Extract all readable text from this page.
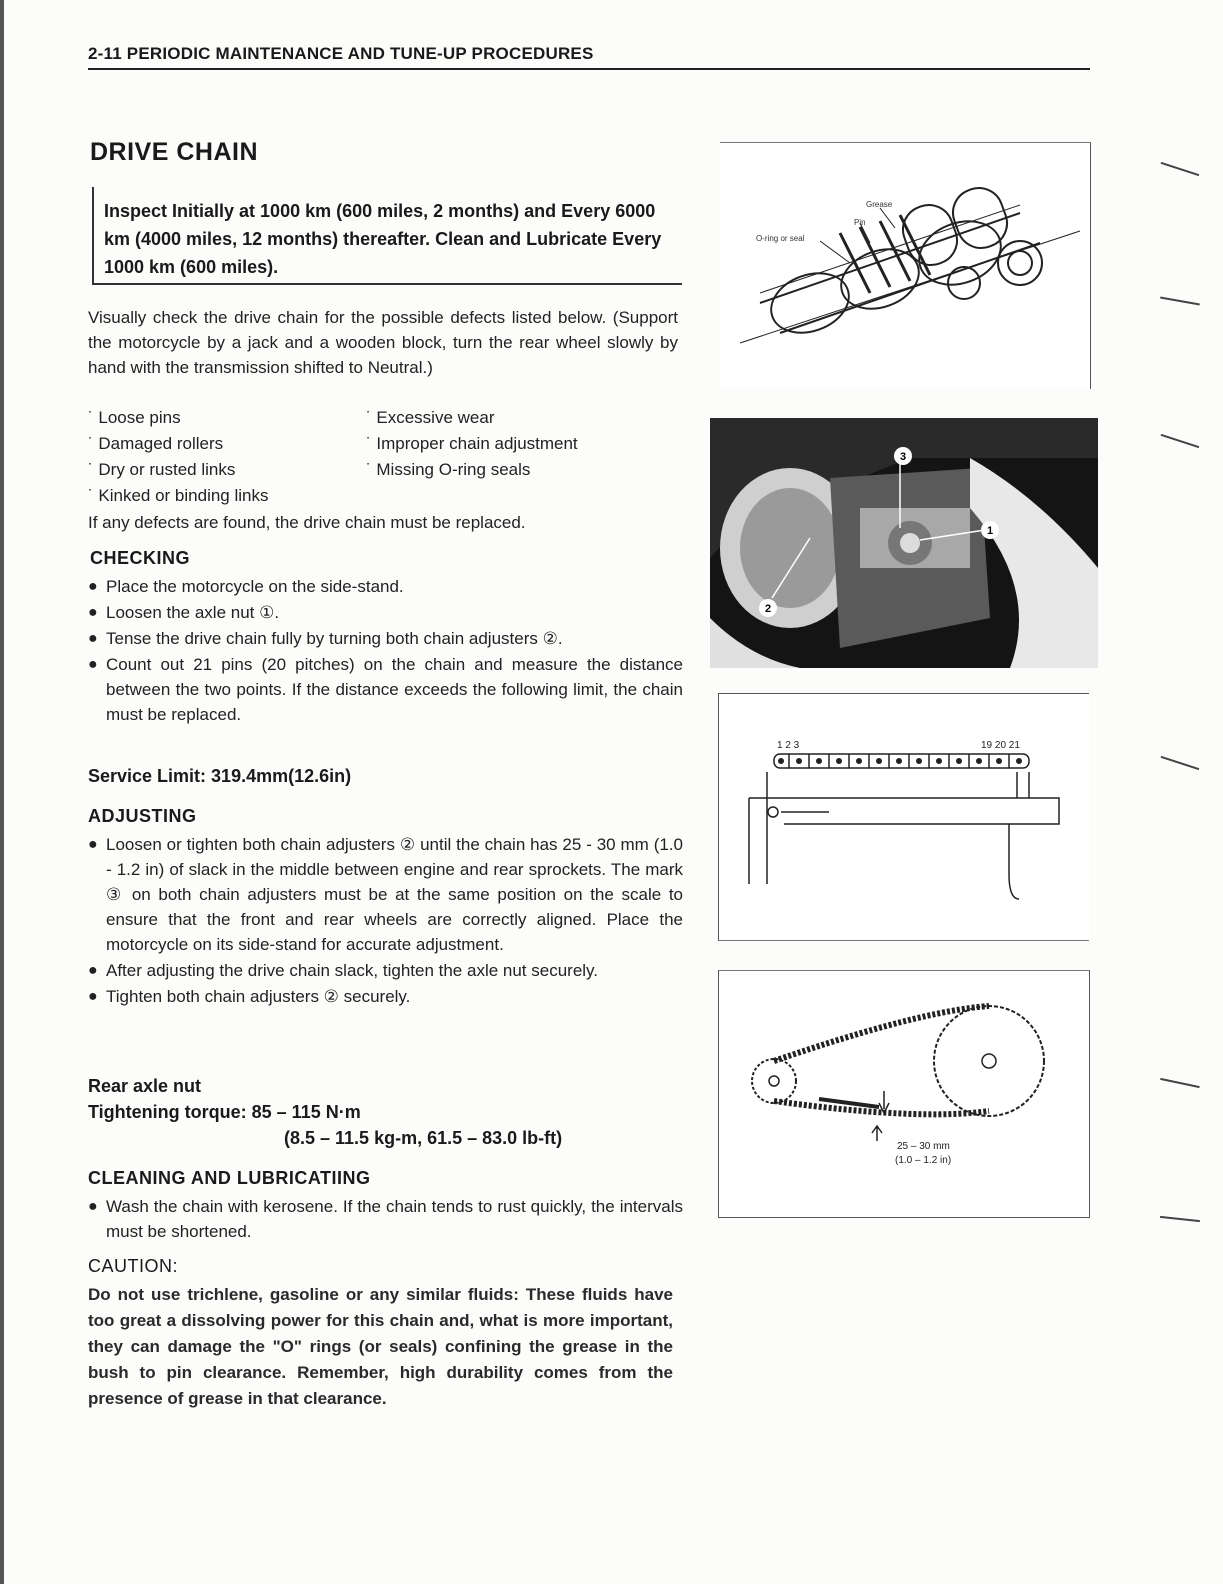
2-11 PERIODIC MAINTENANCE AND TUNE-UP PROCEDURES
DRIVE CHAIN
Inspect Initially at 1000 km (600 miles, 2 months) and Every 6000 km (4000 miles, 12 months) thereafter. Clean and Lubricate Every 1000 km (600 miles).
Visually check the drive chain for the possible defects listed below. (Support the motorcycle by a jack and a wooden block, turn the rear wheel slowly by hand with the transmission shifted to Neutral.)
˙ Loose pins	˙ Excessive wear
˙ Damaged rollers	˙ Improper chain adjustment
˙ Dry or rusted links	˙ Missing O-ring seals
˙ Kinked or binding links
If any defects are found, the drive chain must be replaced.
CHECKING
● Place the motorcycle on the side-stand.
● Loosen the axle nut ①.
● Tense the drive chain fully by turning both chain adjusters ②.
● Count out 21 pins (20 pitches) on the chain and measure the distance between the two points. If the distance exceeds the following limit, the chain must be replaced.
Service Limit: 319.4mm(12.6in)
ADJUSTING
● Loosen or tighten both chain adjusters ② until the chain has 25 - 30 mm (1.0 - 1.2 in) of slack in the middle between engine and rear sprockets. The mark ③ on both chain adjusters must be at the same position on the scale to ensure that the front and rear wheels are correctly aligned. Place the motorcycle on its side-stand for accurate adjustment.
● After adjusting the drive chain slack, tighten the axle nut securely.
● Tighten both chain adjusters ② securely.
Rear axle nut
Tightening torque: 85 – 115 N·m
(8.5 – 11.5 kg-m, 61.5 – 83.0 lb-ft)
CLEANING AND LUBRICATIING
● Wash the chain with kerosene. If the chain tends to rust quickly, the intervals must be shortened.
CAUTION:
Do not use trichlene, gasoline or any similar fluids: These fluids have too great a dissolving power for this chain and, what is more important, they can damage the "O" rings (or seals) confining the grease in the bush to pin clearance. Remember, high durability comes from the presence of grease in that clearance.
Grease
Pin
O-ring or seal
3
1
2
1 2 3	19 20 21
25 – 30 mm
(1.0 – 1.2 in)
